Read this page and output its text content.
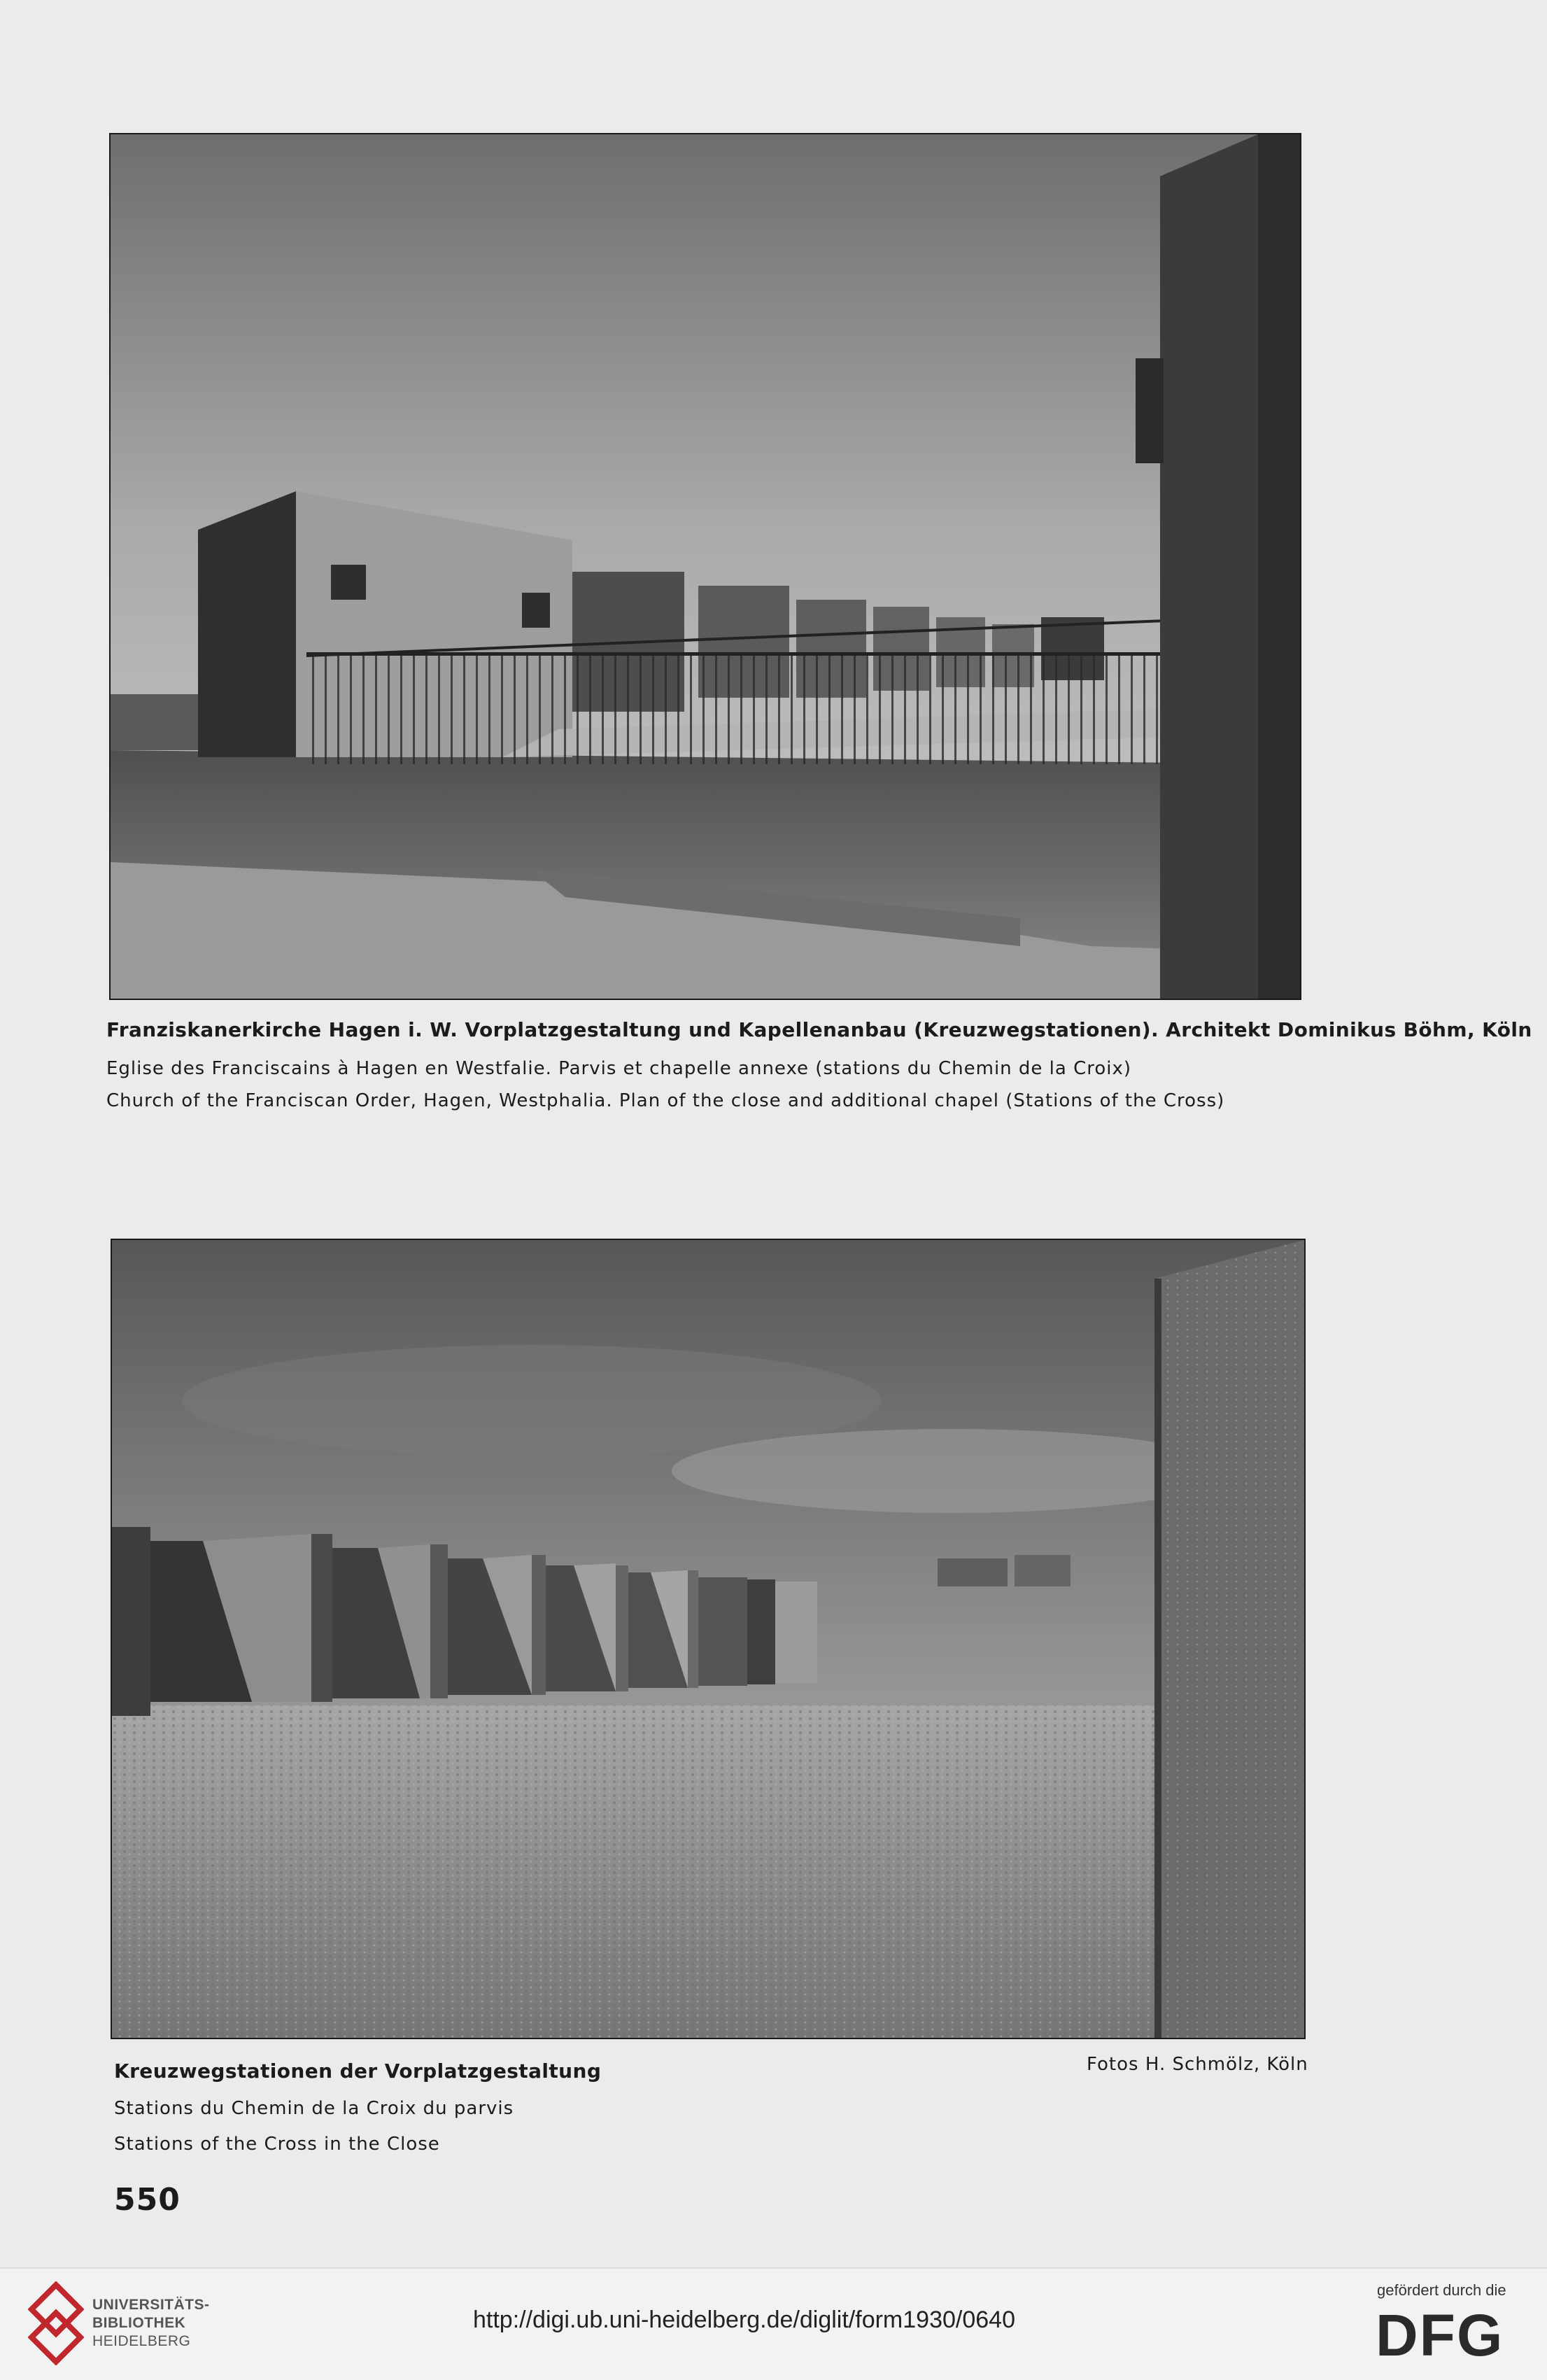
Franziskanerkirche Hagen i. W. Vorplatzgestaltung und Kapellenanbau (Kreuzwegstationen). Architekt Dominikus Böhm, Köln
Eglise des Franciscains à Hagen en Westfalie. Parvis et chapelle annexe (stations du Chemin de la Croix)
Church of the Franciscan Order, Hagen, Westphalia. Plan of the close and additional chapel (Stations of the Cross)
Kreuzwegstationen der Vorplatzgestaltung
Stations du Chemin de la Croix du parvis
Stations of the Cross in the Close
Fotos H. Schmölz, Köln
550
UNIVERSITÄTS-
BIBLIOTHEK
HEIDELBERG
http://digi.ub.uni-heidelberg.de/diglit/form1930/0640
gefördert durch die
DFG
